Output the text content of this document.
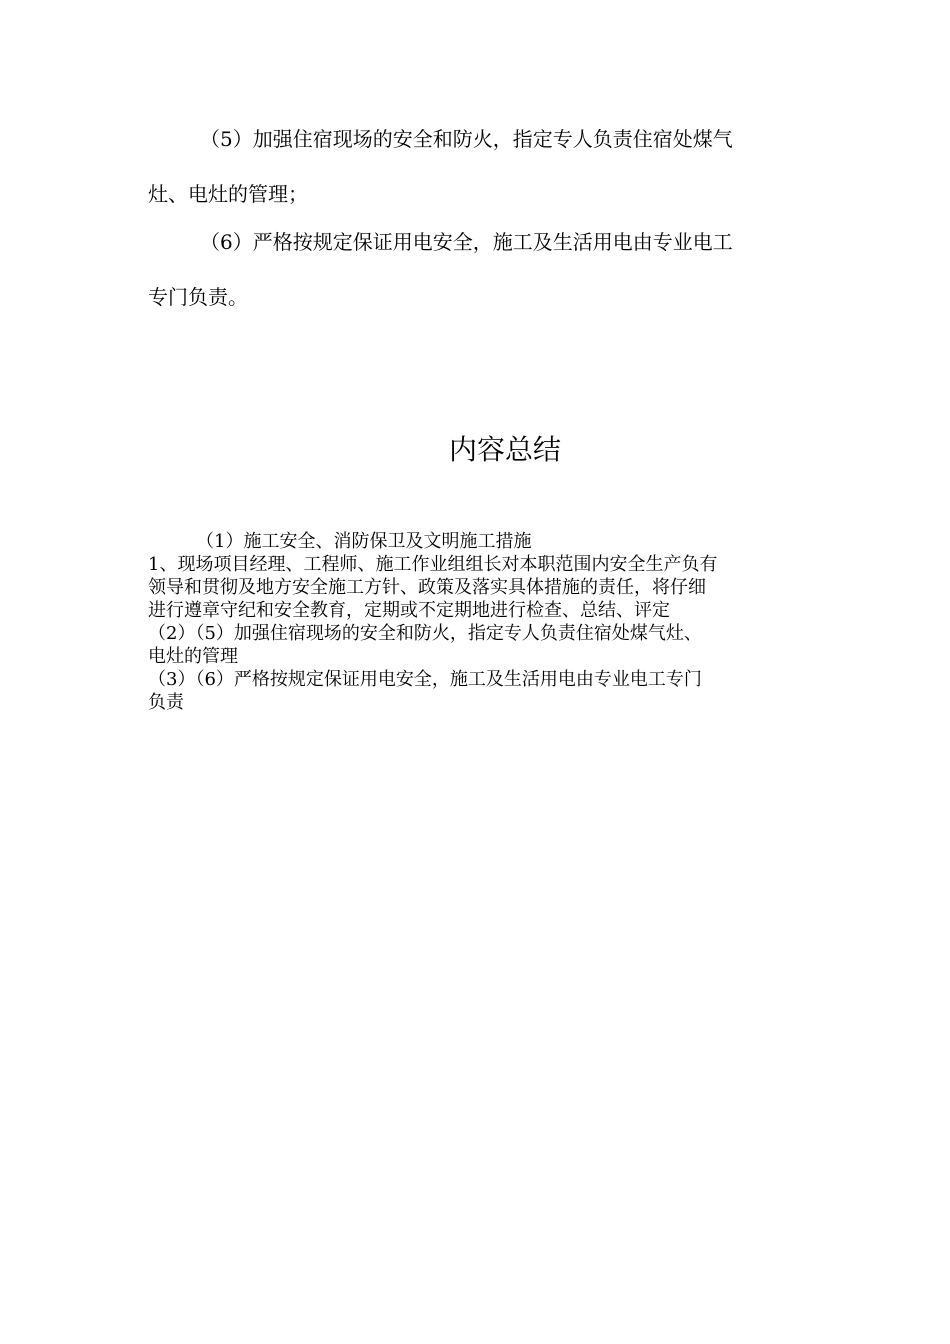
（5）加强住宿现场的安全和防火，指定专人负责住宿处煤气
灶、电灶的管理；
（6）严格按规定保证用电安全，施工及生活用电由专业电工
专门负责。
内容总结

（1）施工安全、消防保卫及文明施工措施

1、现场项目经理、工程师、施工作业组组长对本职范围内安全生产负有

领导和贯彻及地方安全施工方针、政策及落实具体措施的责任，将仔细

进行遵章守纪和安全教育，定期或不定期地进行检查、总结、评定

（2）（5）加强住宿现场的安全和防火，指定专人负责住宿处煤气灶、

电灶的管理

（3）（6）严格按规定保证用电安全，施工及生活用电由专业电工专门

负责
